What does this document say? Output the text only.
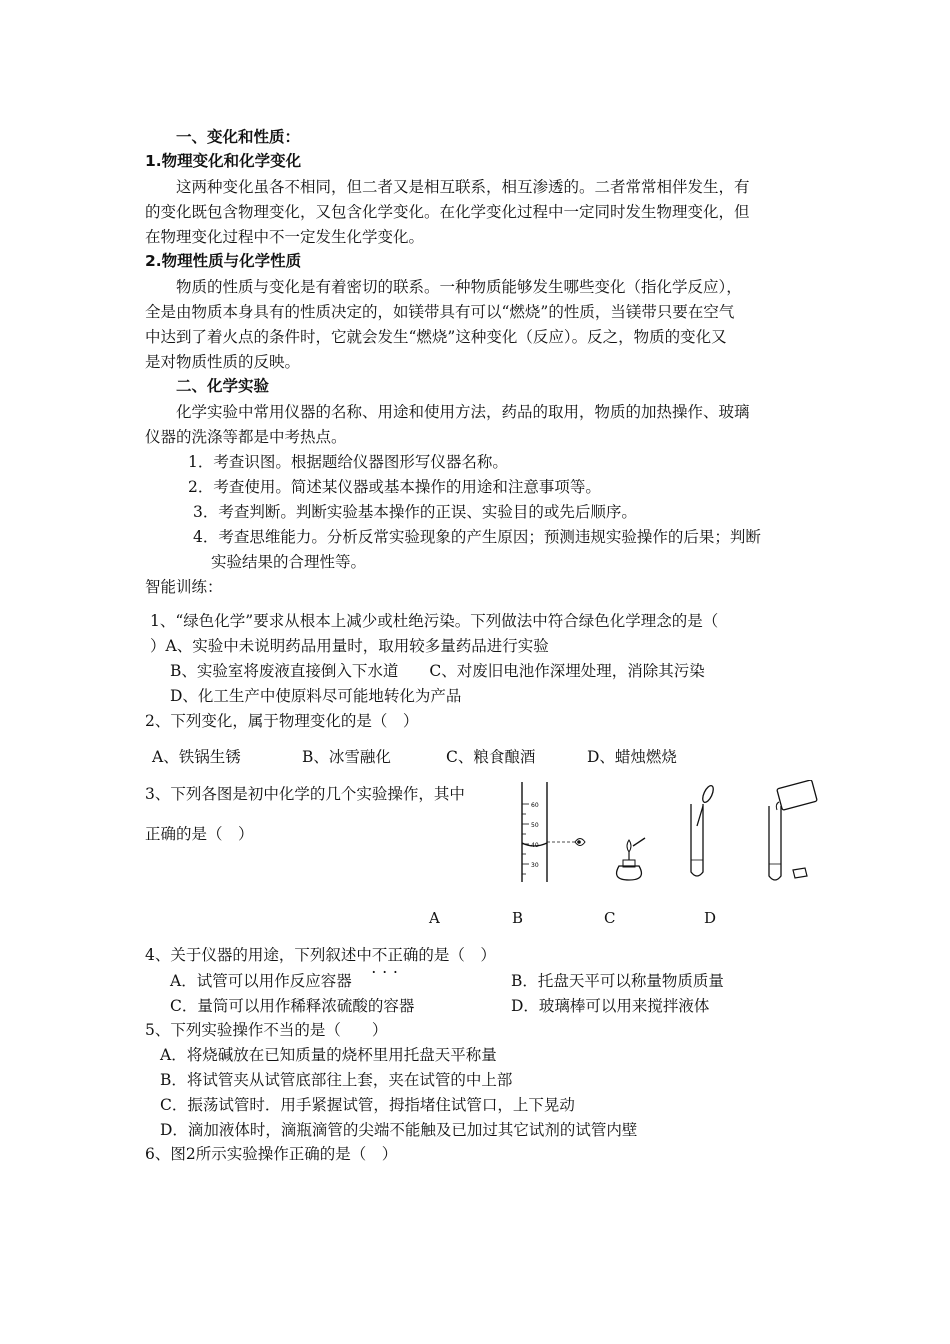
一、变化和性质：
1.物理变化和化学变化
这两种变化虽各不相同，但二者又是相互联系，相互渗透的。二者常常相伴发生，有
的变化既包含物理变化，又包含化学变化。在化学变化过程中一定同时发生物理变化，但
在物理变化过程中不一定发生化学变化。
2.物理性质与化学性质
物质的性质与变化是有着密切的联系。一种物质能够发生哪些变化（指化学反应），
全是由物质本身具有的性质决定的，如镁带具有可以“燃烧”的性质，当镁带只要在空气
中达到了着火点的条件时，它就会发生“燃烧”这种变化（反应）。反之，物质的变化又
是对物质性质的反映。
二、化学实验
化学实验中常用仪器的名称、用途和使用方法，药品的取用，物质的加热操作、玻璃
仪器的洗涤等都是中考热点。
1．考查识图。根据题给仪器图形写仪器名称。
2．考查使用。简述某仪器或基本操作的用途和注意事项等。
3．考查判断。判断实验基本操作的正误、实验目的或先后顺序。
4．考查思维能力。分析反常实验现象的产生原因；预测违规实验操作的后果；判断
实验结果的合理性等。
智能训练：
1、“绿色化学”要求从根本上减少或杜绝污染。下列做法中符合绿色化学理念的是（
）A、实验中未说明药品用量时，取用较多量药品进行实验
B、实验室将废液直接倒入下水道　　C、对废旧电池作深埋处理，消除其污染
D、化工生产中使原料尽可能地转化为产品
2、下列变化，属于物理变化的是（　）
A、铁锅生锈	B、冰雪融化	C、粮食酿酒	D、蜡烛燃烧
3、下列各图是初中化学的几个实验操作，其中
正确的是（　）
60
50
40
30
A	B	C	D
4、关于仪器的用途，下列叙述中不正确
···
的是（　）
A．试管可以用作反应容器	B．托盘天平可以称量物质质量
C．量筒可以用作稀释浓硫酸的容器	D．玻璃棒可以用来搅拌液体
5、下列实验操作不当的是（　　）
A．将烧碱放在已知质量的烧杯里用托盘天平称量
B．将试管夹从试管底部往上套，夹在试管的中上部
C．振荡试管时．用手紧握试管，拇指堵住试管口，上下晃动
D．滴加液体时，滴瓶滴管的尖端不能触及已加过其它试剂的试管内壁
6、图2所示实验操作正确的是（　）
